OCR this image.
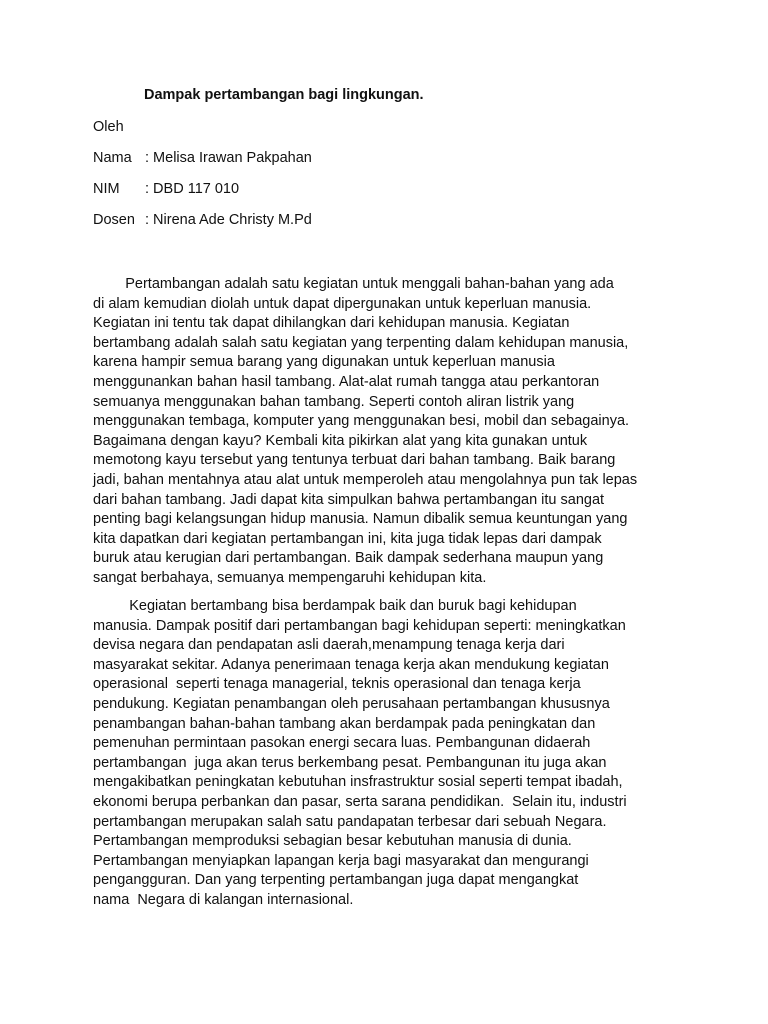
Dampak pertambangan bagi lingkungan.
Oleh
Nama : Melisa Irawan Pakpahan
NIM : DBD 117 010
Dosen : Nirena Ade Christy M.Pd
Pertambangan adalah satu kegiatan untuk menggali bahan-bahan yang ada
di alam kemudian diolah untuk dapat dipergunakan untuk keperluan manusia.
Kegiatan ini tentu tak dapat dihilangkan dari kehidupan manusia. Kegiatan
bertambang adalah salah satu kegiatan yang terpenting dalam kehidupan manusia,
karena hampir semua barang yang digunakan untuk keperluan manusia
menggunankan bahan hasil tambang. Alat-alat rumah tangga atau perkantoran
semuanya menggunakan bahan tambang. Seperti contoh aliran listrik yang
menggunakan tembaga, komputer yang menggunakan besi, mobil dan sebagainya.
Bagaimana dengan kayu? Kembali kita pikirkan alat yang kita gunakan untuk
memotong kayu tersebut yang tentunya terbuat dari bahan tambang. Baik barang
jadi, bahan mentahnya atau alat untuk memperoleh atau mengolahnya pun tak lepas
dari bahan tambang. Jadi dapat kita simpulkan bahwa pertambangan itu sangat
penting bagi kelangsungan hidup manusia. Namun dibalik semua keuntungan yang
kita dapatkan dari kegiatan pertambangan ini, kita juga tidak lepas dari dampak
buruk atau kerugian dari pertambangan. Baik dampak sederhana maupun yang
sangat berbahaya, semuanya mempengaruhi kehidupan kita.
Kegiatan bertambang bisa berdampak baik dan buruk bagi kehidupan
manusia. Dampak positif dari pertambangan bagi kehidupan seperti: meningkatkan
devisa negara dan pendapatan asli daerah,menampung tenaga kerja dari
masyarakat sekitar. Adanya penerimaan tenaga kerja akan mendukung kegiatan
operasional  seperti tenaga managerial, teknis operasional dan tenaga kerja
pendukung. Kegiatan penambangan oleh perusahaan pertambangan khususnya
penambangan bahan-bahan tambang akan berdampak pada peningkatan dan
pemenuhan permintaan pasokan energi secara luas. Pembangunan didaerah
pertambangan  juga akan terus berkembang pesat. Pembangunan itu juga akan
mengakibatkan peningkatan kebutuhan insfrastruktur sosial seperti tempat ibadah,
ekonomi berupa perbankan dan pasar, serta sarana pendidikan.  Selain itu, industri
pertambangan merupakan salah satu pandapatan terbesar dari sebuah Negara.
Pertambangan memproduksi sebagian besar kebutuhan manusia di dunia.
Pertambangan menyiapkan lapangan kerja bagi masyarakat dan mengurangi
pengangguran. Dan yang terpenting pertambangan juga dapat mengangkat
nama  Negara di kalangan internasional.
